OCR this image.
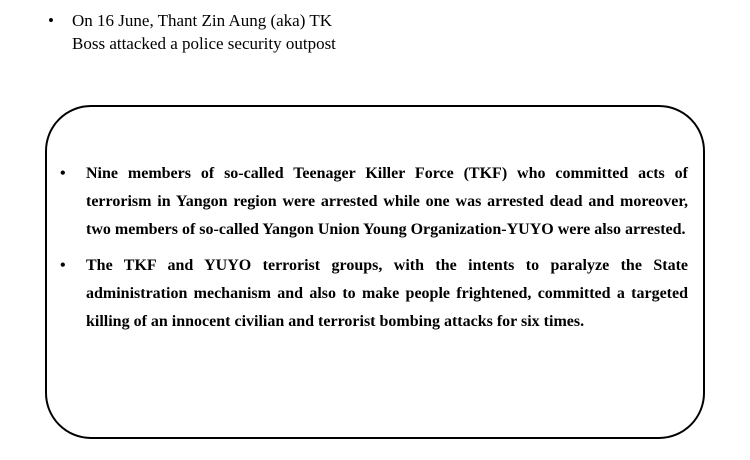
•	On 16 June, Thant Zin Aung (aka) TK
Boss attacked a police security outpost
•	Nine members of so-called Teenager Killer Force (TKF) who committed acts of terrorism in Yangon region were arrested while one was arrested dead and moreover, two members of so-called Yangon Union Young Organization-YUYO were also arrested.
•	The TKF and YUYO terrorist groups, with the intents to paralyze the State administration mechanism and also to make people frightened, committed a targeted killing of an innocent civilian and terrorist bombing attacks for six times.
